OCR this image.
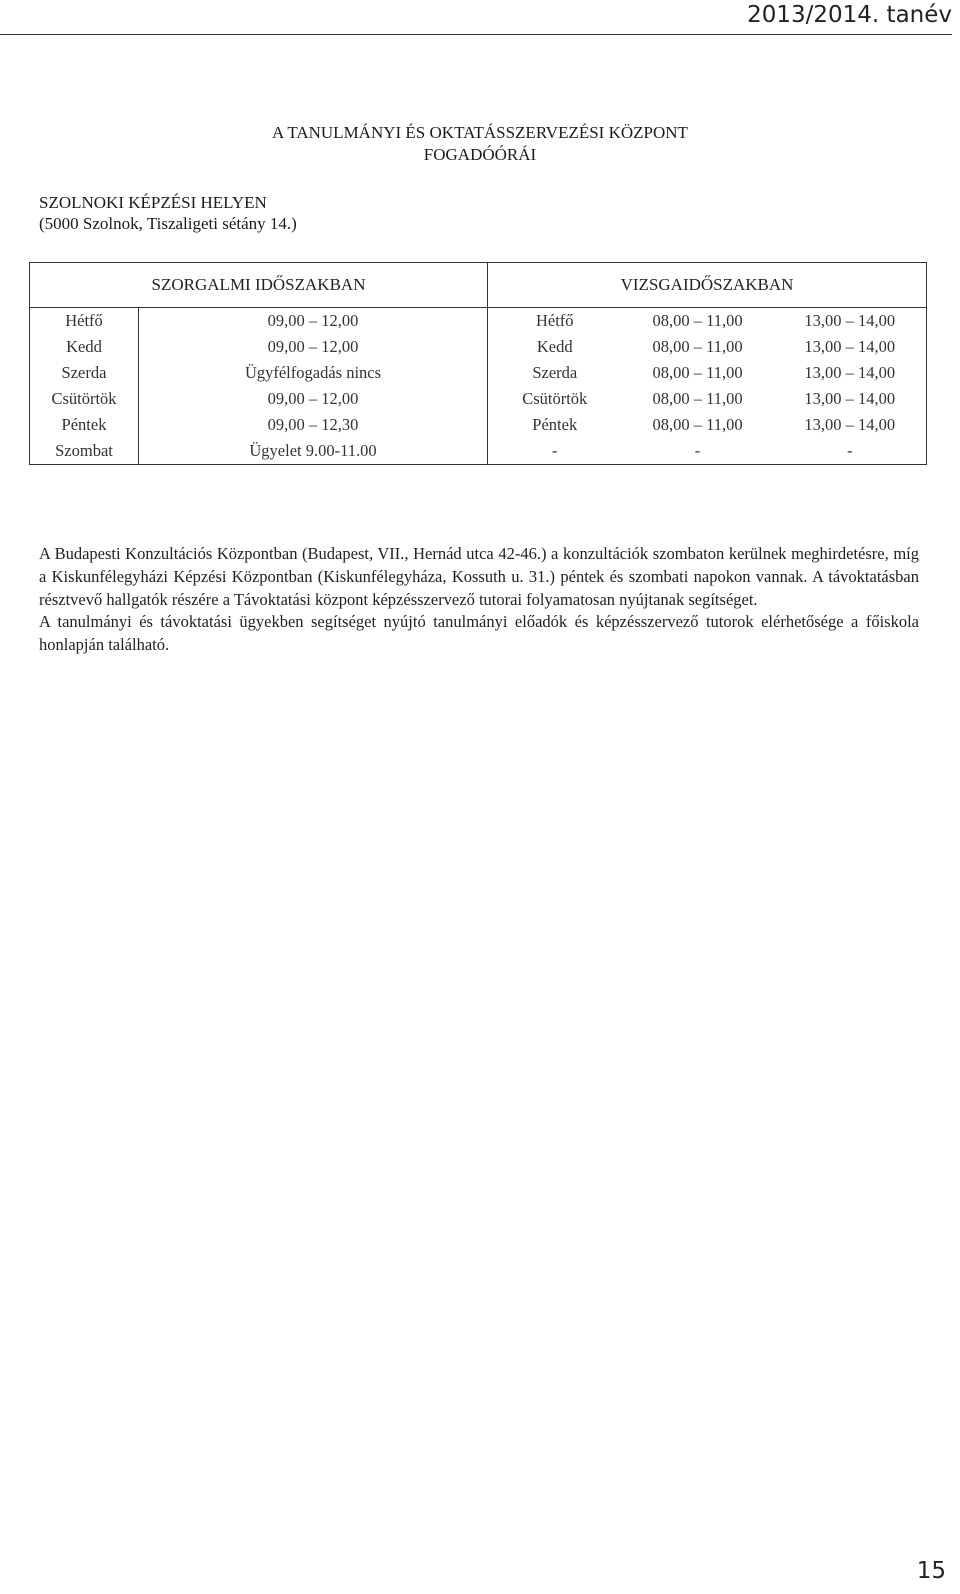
2013/2014. tanév
A TANULMÁNYI ÉS OKTATÁSSZERVEZÉSI KÖZPONT
FOGADÓÓRÁI
SZOLNOKI KÉPZÉSI HELYEN
(5000 Szolnok, Tiszaligeti sétány 14.)
SZORGALMI IDŐSZAKBAN		VIZSGAIDŐSZAKBAN		
Hétfő	09,00 – 12,00	Hétfő	08,00 – 11,00	13,00 – 14,00
Kedd	09,00 – 12,00	Kedd	08,00 – 11,00	13,00 – 14,00
Szerda	Ügyfélfogadás nincs	Szerda	08,00 – 11,00	13,00 – 14,00
Csütörtök	09,00 – 12,00	Csütörtök	08,00 – 11,00	13,00 – 14,00
Péntek	09,00 – 12,30	Péntek	08,00 – 11,00	13,00 – 14,00
Szombat	Ügyelet 9.00-11.00	-	-	-

A Budapesti Konzultációs Központban (Budapest, VII., Hernád utca 42-46.) a konzultációk szombaton kerülnek meghirdetésre, míg a Kiskunfélegyházi Képzési Központban (Kiskunfélegyháza, Kossuth u. 31.) péntek és szombati napokon vannak. A távoktatásban résztvevő hallgatók részére a Távoktatási központ képzésszervező tutorai folyamatosan nyújtanak segítséget.

A tanulmányi és távoktatási ügyekben segítséget nyújtó tanulmányi előadók és képzésszervező tutorok elérhetősége a főiskola honlapján található.

15
